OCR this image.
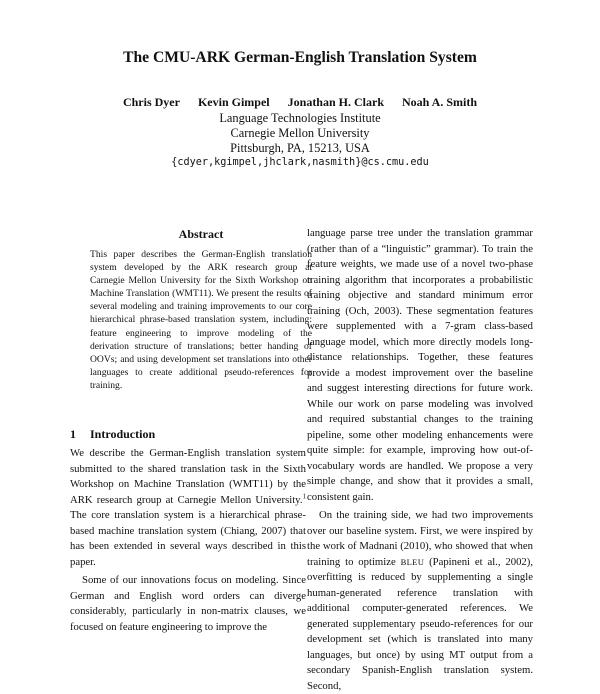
The CMU-ARK German-English Translation System
Chris Dyer Kevin Gimpel Jonathan H. Clark Noah A. Smith
Language Technologies Institute
Carnegie Mellon University
Pittsburgh, PA, 15213, USA
{cdyer,kgimpel,jhclark,nasmith}@cs.cmu.edu
Abstract
This paper describes the German-English translation system developed by the ARK research group at Carnegie Mellon University for the Sixth Workshop on Machine Translation (WMT11). We present the results of several modeling and training improvements to our core hierarchical phrase-based translation system, including: feature engineering to improve modeling of the derivation structure of translations; better handing of OOVs; and using development set translations into other languages to create additional pseudo-references for training.
1 Introduction

We describe the German-English translation system submitted to the shared translation task in the Sixth Workshop on Machine Translation (WMT11) by the ARK research group at Carnegie Mellon University.$^1$ The core translation system is a hierarchical phrase-based machine translation system (Chiang, 2007) that has been extended in several ways described in this paper.

Some of our innovations focus on modeling. Since German and English word orders can diverge considerably, particularly in non-matrix clauses, we focused on feature engineering to improve the

language parse tree under the translation grammar (rather than of a “linguistic” grammar). To train the feature weights, we made use of a novel two-phase training algorithm that incorporates a probabilistic training objective and standard minimum error training (Och, 2003). These segmentation features were supplemented with a 7-gram class-based language model, which more directly models long-distance relationships. Together, these features provide a modest improvement over the baseline and suggest interesting directions for future work. While our work on parse modeling was involved and required substantial changes to the training pipeline, some other modeling enhancements were quite simple: for example, improving how out-of-vocabulary words are handled. We propose a very simple change, and show that it provides a small, consistent gain.

On the training side, we had two improvements over our baseline system. First, we were inspired by the work of Madnani (2010), who showed that when training to optimize BLEU (Papineni et al., 2002), overfitting is reduced by supplementing a single human-generated reference translation with additional computer-generated references. We generated supplementary pseudo-references for our development set (which is translated into many languages, but once) by using MT output from a secondary Spanish-English translation system. Second,
